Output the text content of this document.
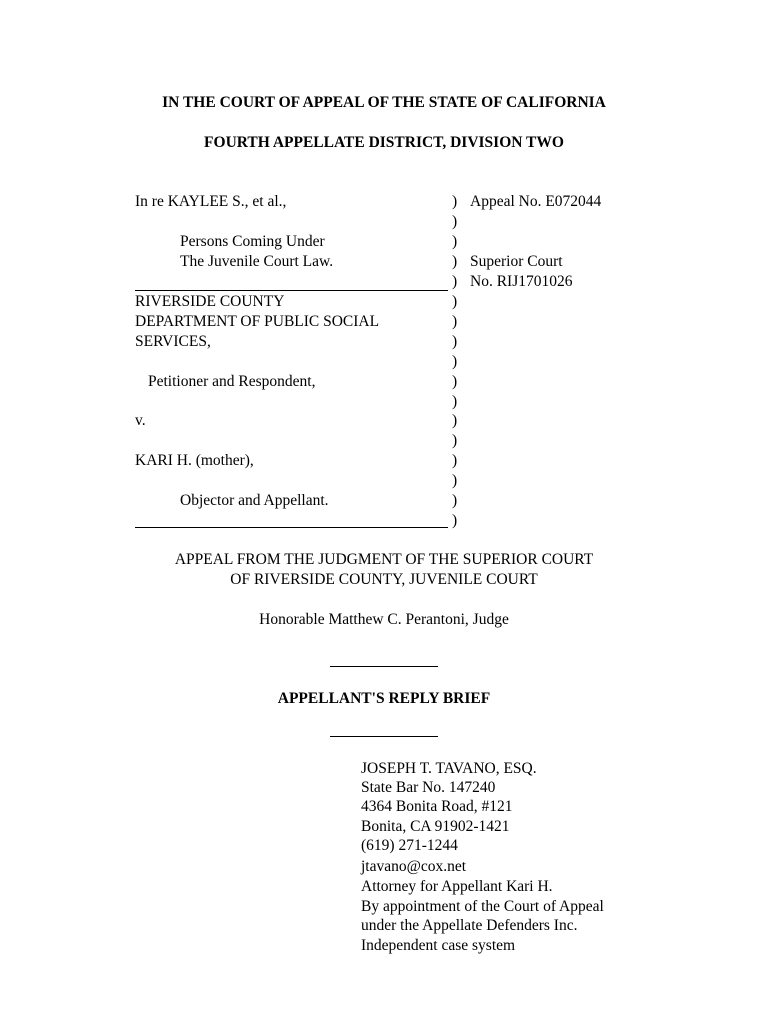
IN THE COURT OF APPEAL OF THE STATE OF CALIFORNIA
FOURTH APPELLATE DISTRICT, DIVISION TWO
In re KAYLEE S., et al.,
Persons Coming Under
The Juvenile Court Law.
RIVERSIDE COUNTY
DEPARTMENT OF PUBLIC SOCIAL
SERVICES,
Petitioner and Respondent,
v.
KARI H. (mother),
Objector and Appellant.
)
)
)
)
)
)
)
)
)
)
)
)
)
)
)
)
)
Appeal No. E072044
Superior Court
No. RIJ1701026
APPEAL FROM THE JUDGMENT OF THE SUPERIOR COURT
OF RIVERSIDE COUNTY, JUVENILE COURT
Honorable Matthew C. Perantoni, Judge
APPELLANT'S REPLY BRIEF
JOSEPH T. TAVANO, ESQ.
State Bar No. 147240
4364 Bonita Road, #121
Bonita, CA 91902-1421
(619) 271-1244
jtavano@cox.net
Attorney for Appellant Kari H.
By appointment of the Court of Appeal
under the Appellate Defenders Inc.
Independent case system
